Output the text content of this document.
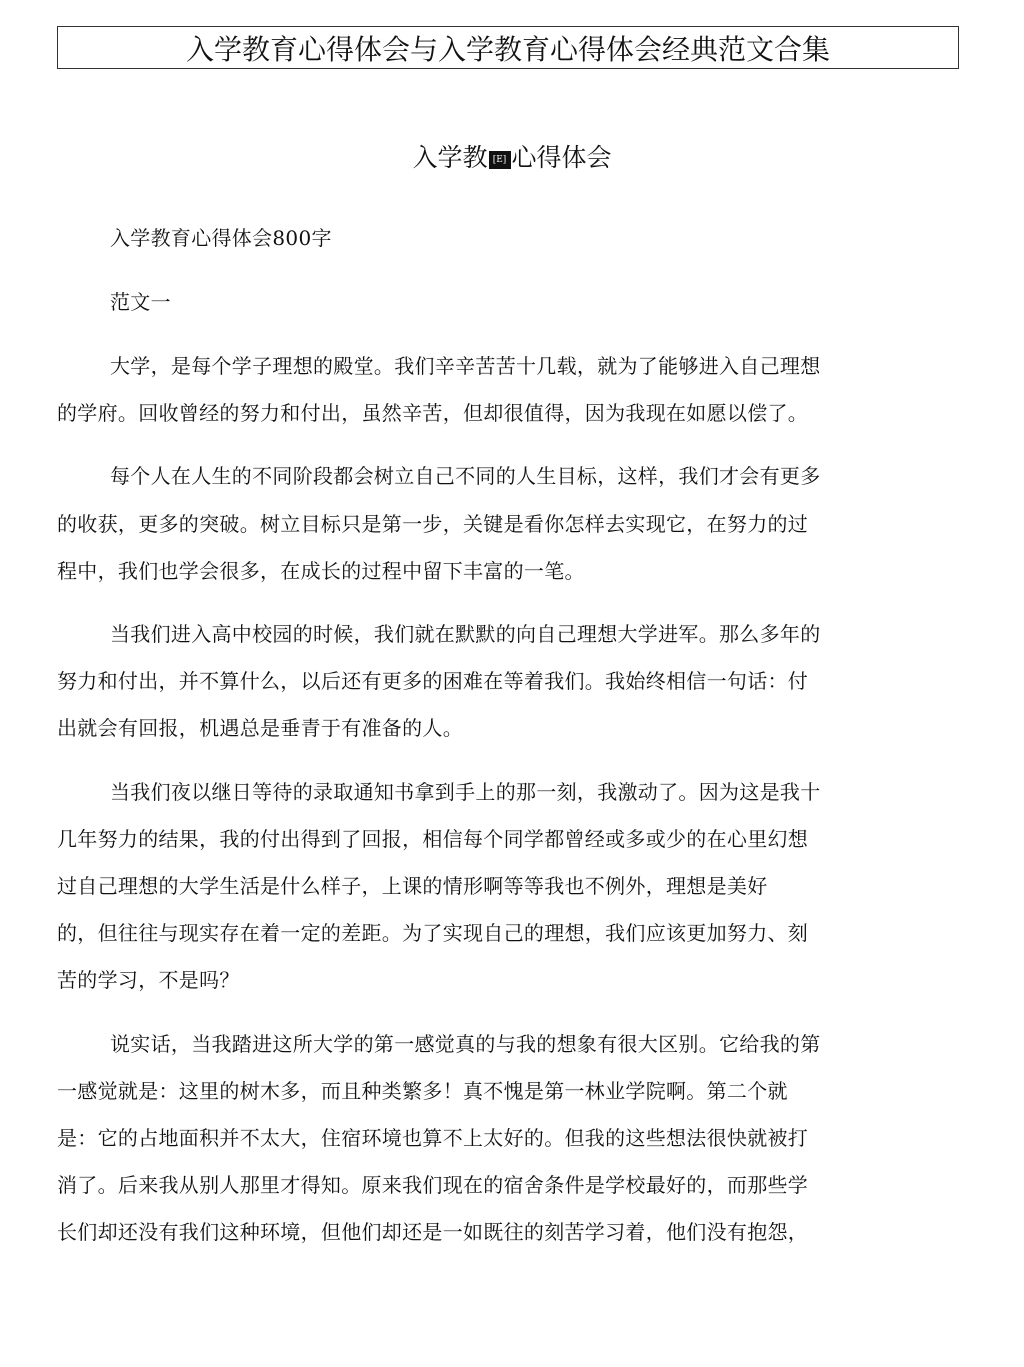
入学教育心得体会与入学教育心得体会经典范文合集
入学教 [E] 心得体会
入学教育心得体会800字
范文一
大学，是每个学子理想的殿堂。我们辛辛苦苦十几载，就为了能够进入自己理想
的学府。回收曾经的努力和付出，虽然辛苦，但却很值得，因为我现在如愿以偿了。
每个人在人生的不同阶段都会树立自己不同的人生目标，这样，我们才会有更多
的收获，更多的突破。树立目标只是第一步，关键是看你怎样去实现它，在努力的过
程中，我们也学会很多，在成长的过程中留下丰富的一笔。
当我们进入高中校园的时候，我们就在默默的向自己理想大学进军。那么多年的
努力和付出，并不算什么，以后还有更多的困难在等着我们。我始终相信一句话：付
出就会有回报，机遇总是垂青于有准备的人。
当我们夜以继日等待的录取通知书拿到手上的那一刻，我激动了。因为这是我十
几年努力的结果，我的付出得到了回报，相信每个同学都曾经或多或少的在心里幻想
过自己理想的大学生活是什么样子，上课的情形啊等等我也不例外，理想是美好
的，但往往与现实存在着一定的差距。为了实现自己的理想，我们应该更加努力、刻
苦的学习，不是吗？
说实话，当我踏进这所大学的第一感觉真的与我的想象有很大区别。它给我的第
一感觉就是：这里的树木多，而且种类繁多！真不愧是第一林业学院啊。第二个就
是：它的占地面积并不太大，住宿环境也算不上太好的。但我的这些想法很快就被打
消了。后来我从别人那里才得知。原来我们现在的宿舍条件是学校最好的，而那些学
长们却还没有我们这种环境，但他们却还是一如既往的刻苦学习着，他们没有抱怨，
